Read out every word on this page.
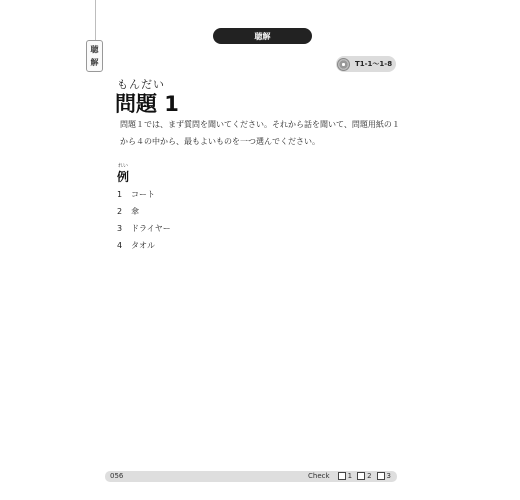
聴
解
聴解
T1-1〜1-8
もんだい
問題 1
問題１では、まず質問を聞いてください。それから話を聞いて、問題用紙の１から４の中から、最もよいものを一つ選んでください。
れい
例
1	コート
2	傘
3	ドライヤー
4	タオル
056	Check	1 2 3
